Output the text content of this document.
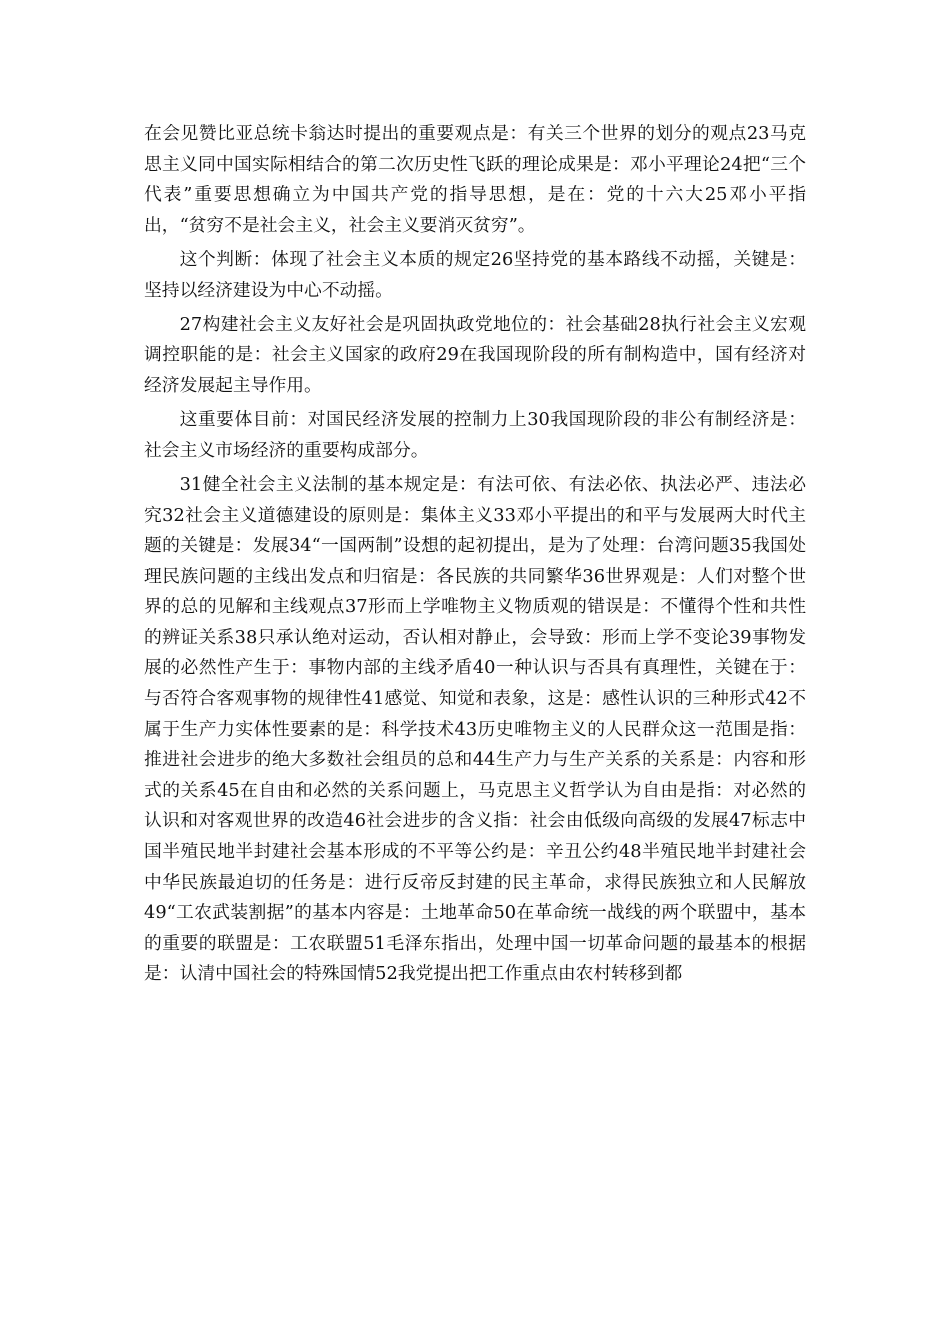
在会见赞比亚总统卡翁达时提出的重要观点是：有关三个世界的划分的观点23马克思主义同中国实际相结合的第二次历史性飞跃的理论成果是：邓小平理论24把“三个代表”重要思想确立为中国共产党的指导思想，是在：党的十六大25邓小平指出，“贫穷不是社会主义，社会主义要消灭贫穷”。

这个判断：体现了社会主义本质的规定26坚持党的基本路线不动摇，关键是：坚持以经济建设为中心不动摇。

27构建社会主义友好社会是巩固执政党地位的：社会基础28执行社会主义宏观调控职能的是：社会主义国家的政府29在我国现阶段的所有制构造中，国有经济对经济发展起主导作用。

这重要体目前：对国民经济发展的控制力上30我国现阶段的非公有制经济是：社会主义市场经济的重要构成部分。

31健全社会主义法制的基本规定是：有法可依、有法必依、执法必严、违法必究32社会主义道德建设的原则是：集体主义33邓小平提出的和平与发展两大时代主题的关键是：发展34“一国两制”设想的起初提出，是为了处理：台湾问题35我国处理民族问题的主线出发点和归宿是：各民族的共同繁华36世界观是：人们对整个世界的总的见解和主线观点37形而上学唯物主义物质观的错误是：不懂得个性和共性的辨证关系38只承认绝对运动，否认相对静止，会导致：形而上学不变论39事物发展的必然性产生于：事物内部的主线矛盾40一种认识与否具有真理性，关键在于：与否符合客观事物的规律性41感觉、知觉和表象，这是：感性认识的三种形式42不属于生产力实体性要素的是：科学技术43历史唯物主义的人民群众这一范围是指：推进社会进步的绝大多数社会组员的总和44生产力与生产关系的关系是：内容和形式的关系45在自由和必然的关系问题上，马克思主义哲学认为自由是指：对必然的认识和对客观世界的改造46社会进步的含义指：社会由低级向高级的发展47标志中国半殖民地半封建社会基本形成的不平等公约是：辛丑公约48半殖民地半封建社会中华民族最迫切的任务是：进行反帝反封建的民主革命，求得民族独立和人民解放49“工农武装割据”的基本内容是：土地革命50在革命统一战线的两个联盟中，基本的重要的联盟是：工农联盟51毛泽东指出，处理中国一切革命问题的最基本的根据是：认清中国社会的特殊国情52我党提出把工作重点由农村转移到都
